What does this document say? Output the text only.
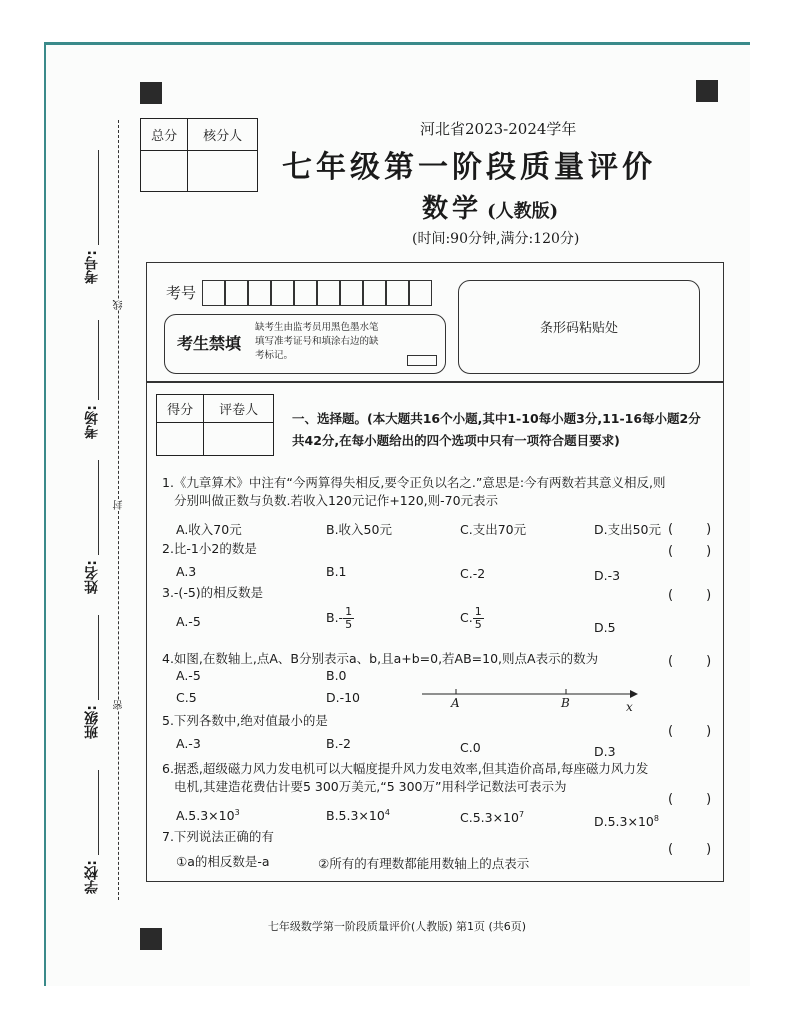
线
封
密
考号:
考场:
姓名:
班级:
学校:
总分	核分人
		河北省2023-2024学年
七年级第一阶段质量评价
数学 (人教版)
(时间:90分钟,满分:120分)
考号
考生禁填
缺考生由监考员用黑色墨水笔
填写准考证号和填涂右边的缺
考标记。
条形码粘贴处
得分	评卷人

一、选择题。(本大题共16个小题,其中1-10每小题3分,11-16每小题2分
共42分,在每小题给出的四个选项中只有一项符合题目要求)
1.《九章算术》中注有“今两算得失相反,要令正负以名之.”意思是:今有两数若其意义相反,则
分别叫做正数与负数.若收入120元记作+120,则-70元表示
A.收入70元	B.收入50元	C.支出70元	D.支出50元 (        )
2.比-1小2的数是	(        )
A.3	B.1	C.-2	D.-3
3.-(-5)的相反数是	(        )
A.-5	$B.- \frac{1}{5}$	C. $\frac{1}{5}$	D.5
4.如图,在数轴上,点A、B分别表示a、b,且a+b=0,若AB=10,则点A表示的数为	(        )
A.-5	B.0
C.5	D.-10	A	B	x
5.下列各数中,绝对值最小的是
(        )
A.-3	B.-2	C.0	D.3
6.据悉,超级磁力风力发电机可以大幅度提升风力发电效率,但其造价高昂,每座磁力风力发
电机,其建造花费估计要5 300万美元,“5 300万”用科学记数法可表示为
(        )
$A.5.3\times 10^3$	$B.5.3\times 10^4$	$C.5.3\times 10^7$	$D.5.3\times 10^8$
7.下列说法正确的有
(        )
①a的相反数是-a	②所有的有理数都能用数轴上的点表示
七年级数学第一阶段质量评价(人教版) 第1页 (共6页)
